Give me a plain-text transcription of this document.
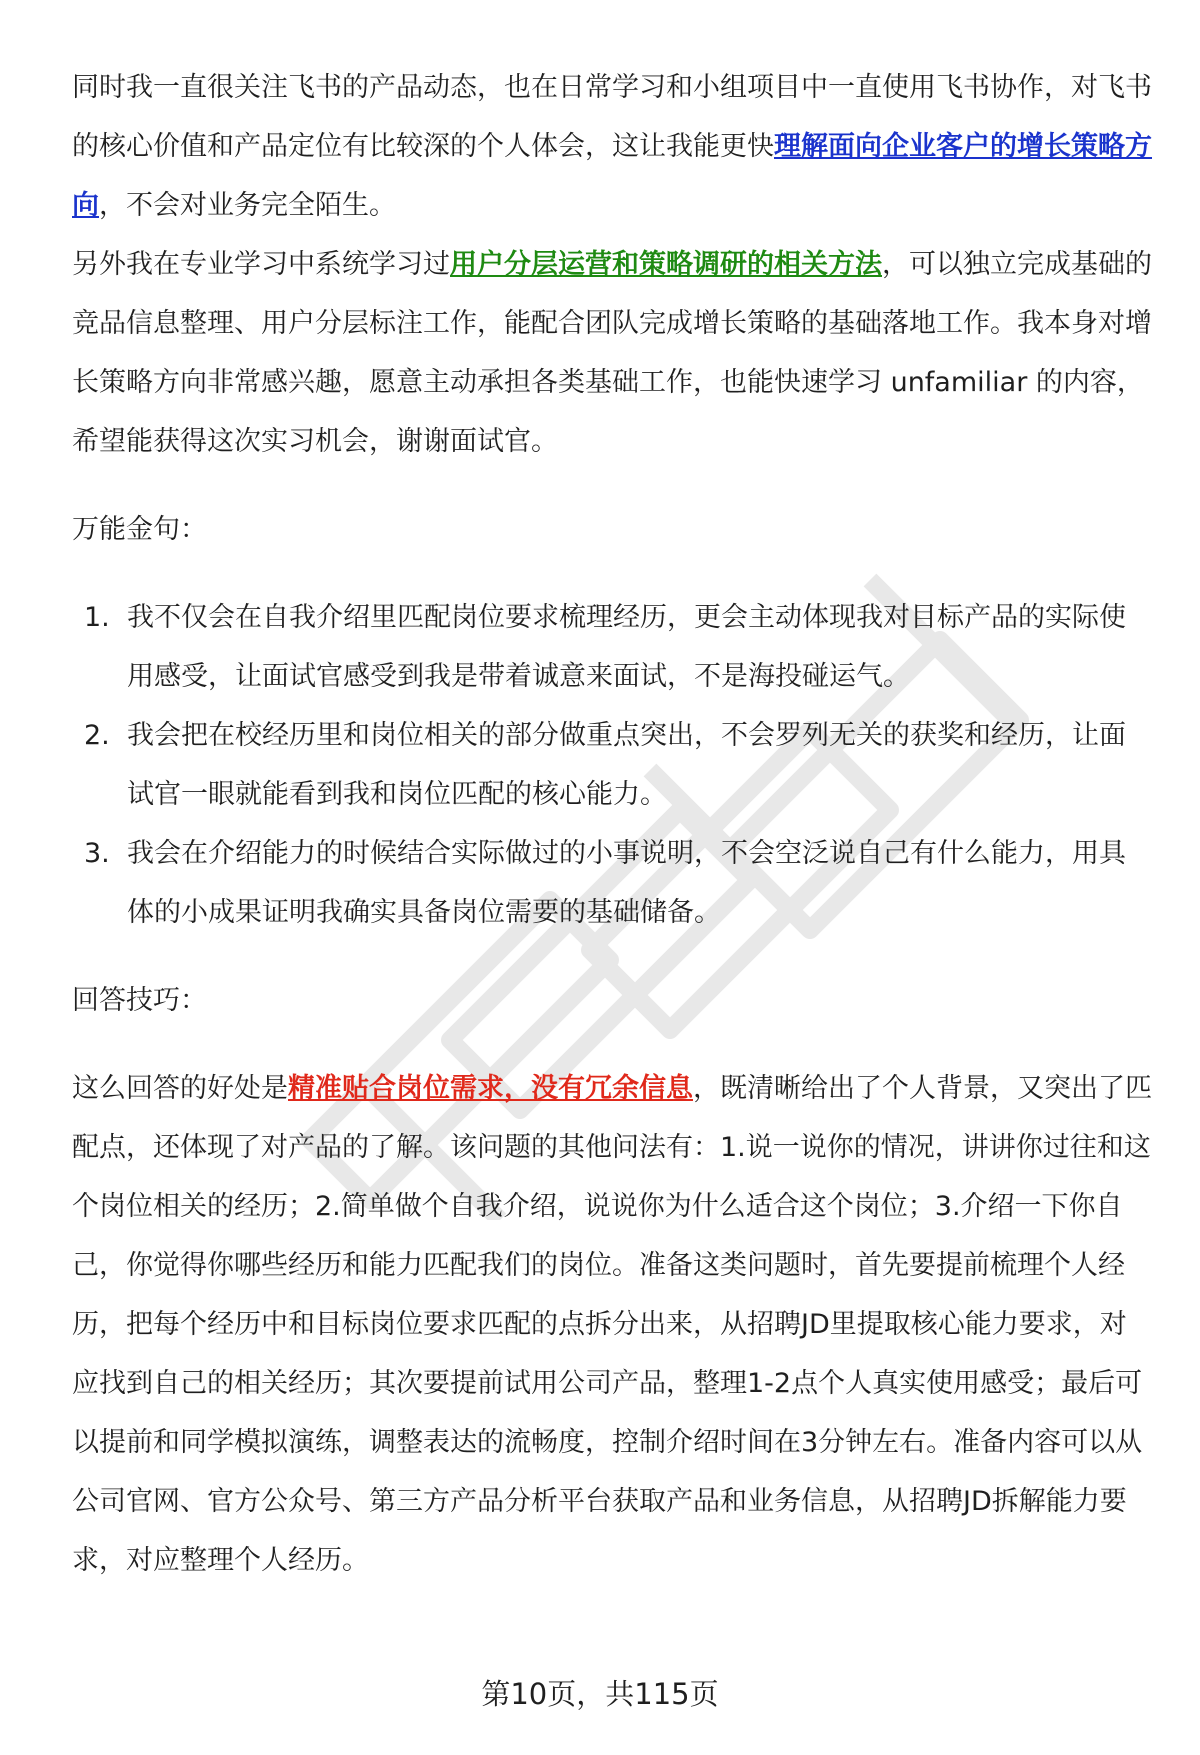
同时我一直很关注飞书的产品动态，也在日常学习和小组项目中一直使用飞书协作，对飞书的核心价值和产品定位有比较深的个人体会，这让我能更快理解面向企业客户的增长策略方向，不会对业务完全陌生。

另外我在专业学习中系统学习过用户分层运营和策略调研的相关方法，可以独立完成基础的竞品信息整理、用户分层标注工作，能配合团队完成增长策略的基础落地工作。我本身对增长策略方向非常感兴趣，愿意主动承担各类基础工作，也能快速学习 unfamiliar 的内容，希望能获得这次实习机会，谢谢面试官。

万能金句：

1. 我不仅会在自我介绍里匹配岗位要求梳理经历，更会主动体现我对目标产品的实际使用感受，让面试官感受到我是带着诚意来面试，不是海投碰运气。
2. 我会把在校经历里和岗位相关的部分做重点突出，不会罗列无关的获奖和经历，让面试官一眼就能看到我和岗位匹配的核心能力。
3. 我会在介绍能力的时候结合实际做过的小事说明，不会空泛说自己有什么能力，用具体的小成果证明我确实具备岗位需要的基础储备。

回答技巧：

这么回答的好处是精准贴合岗位需求，没有冗余信息，既清晰给出了个人背景，又突出了匹配点，还体现了对产品的了解。该问题的其他问法有：1.说一说你的情况，讲讲你过往和这个岗位相关的经历；2.简单做个自我介绍，说说你为什么适合这个岗位；3.介绍一下你自己，你觉得你哪些经历和能力匹配我们的岗位。准备这类问题时，首先要提前梳理个人经历，把每个经历中和目标岗位要求匹配的点拆分出来，从招聘JD里提取核心能力要求，对应找到自己的相关经历；其次要提前试用公司产品，整理1-2点个人真实使用感受；最后可以提前和同学模拟演练，调整表达的流畅度，控制介绍时间在3分钟左右。准备内容可以从公司官网、官方公众号、第三方产品分析平台获取产品和业务信息，从招聘JD拆解能力要求，对应整理个人经历。

第10页，共115页
